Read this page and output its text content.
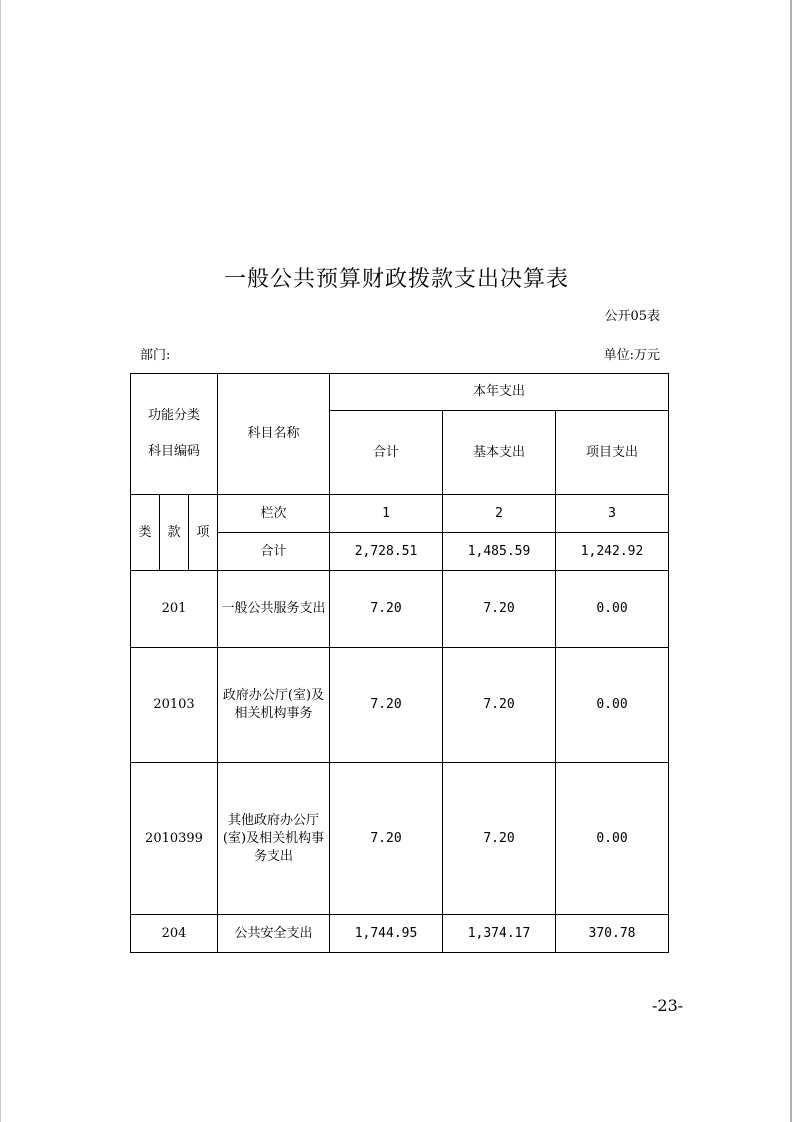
一般公共预算财政拨款支出决算表
公开05表
部门:	单位:万元
功能分类
科目编码			科目名称	本年支出		
				合计	基本支出	项目支出
类	款	项	栏次	1	2	3
			合计	2,728.51	1,485.59	1,242.92
201			一般公共服务支出	7.20	7.20	0.00
20103			政府办公厅(室)及相关机构事务	7.20	7.20	0.00
2010399			其他政府办公厅(室)及相关机构事务支出	7.20	7.20	0.00
204			公共安全支出	1,744.95	1,374.17	370.78
-23-
